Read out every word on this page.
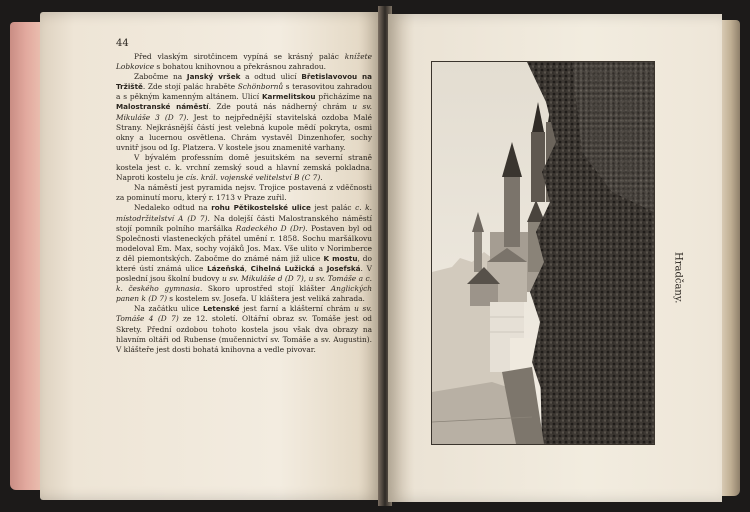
44

Před vlaským sirotčincem vypíná se krásný palác knížete Lobkovice s bohatou knihovnou a překrásnou zahradou.

Zabočme na Janský vršek a odtud ulicí Břetislavovou na Tržiště. Zde stojí palác hraběte Schönbornů s terasovitou zahradou a s pěkným kamenným altánem. Ulicí Karmelitskou přicházíme na Malostranské náměstí. Zde poutá nás nádherný chrám u sv. Mikuláše 3 (D 7). Jest to nejpřednější stavitelská ozdoba Malé Strany. Nejkrásnější částí jest velebná kupole mědí pokryta, osmi okny a lucernou osvětlena. Chrám vystavěl Dinzenhofer, sochy uvnitř jsou od Ig. Platzera. V kostele jsou znamenité varhany.

V bývalém professním domě jesuitském na severní straně kostela jest c. k. vrchní zemský soud a hlavní zemská pokladna. Naproti kostelu je cís. král. vojenské velitelství B (C 7).

Na náměstí jest pyramida nejsv. Trojice postavená z vděčnosti za pominutí moru, který r. 1713 v Praze zuřil.

Nedaleko odtud na rohu Pětikostelské ulice jest palác c. k. místodržitelství A (D 7). Na dolejší části Malostranského náměstí stojí pomník polního maršálka Radeckého D (Dr). Postaven byl od Společnosti vlasteneckých přátel umění r. 1858. Sochu maršálkovu modeloval Em. Max, sochy vojáků Jos. Max. Vše ulito v Norimberce z děl piemontských. Zabočme do známé nám již ulice K mostu, do které ústí známá ulice Lázeňská, Cihelná Lužická a Josefská. V poslední jsou školní budovy u sv. Mikuláše d (D 7), u sv. Tomáše a c. k. českého gymnasia. Skoro uprostřed stojí klášter Anglických panen k (D 7) s kostelem sv. Josefa. U kláštera jest veliká zahrada.

Na začátku ulice Letenské jest farní a klášterní chrám u sv. Tomáše 4 (D 7) ze 12. století. Oltářní obraz sv. Tomáše jest od Skrety. Přední ozdobou tohoto kostela jsou však dva obrazy na hlavním oltáři od Rubense (mučennictví sv. Tomáše a sv. Augustin). V klášteře jest dosti bohatá knihovna a vedle pivovar.

Hradčany.
